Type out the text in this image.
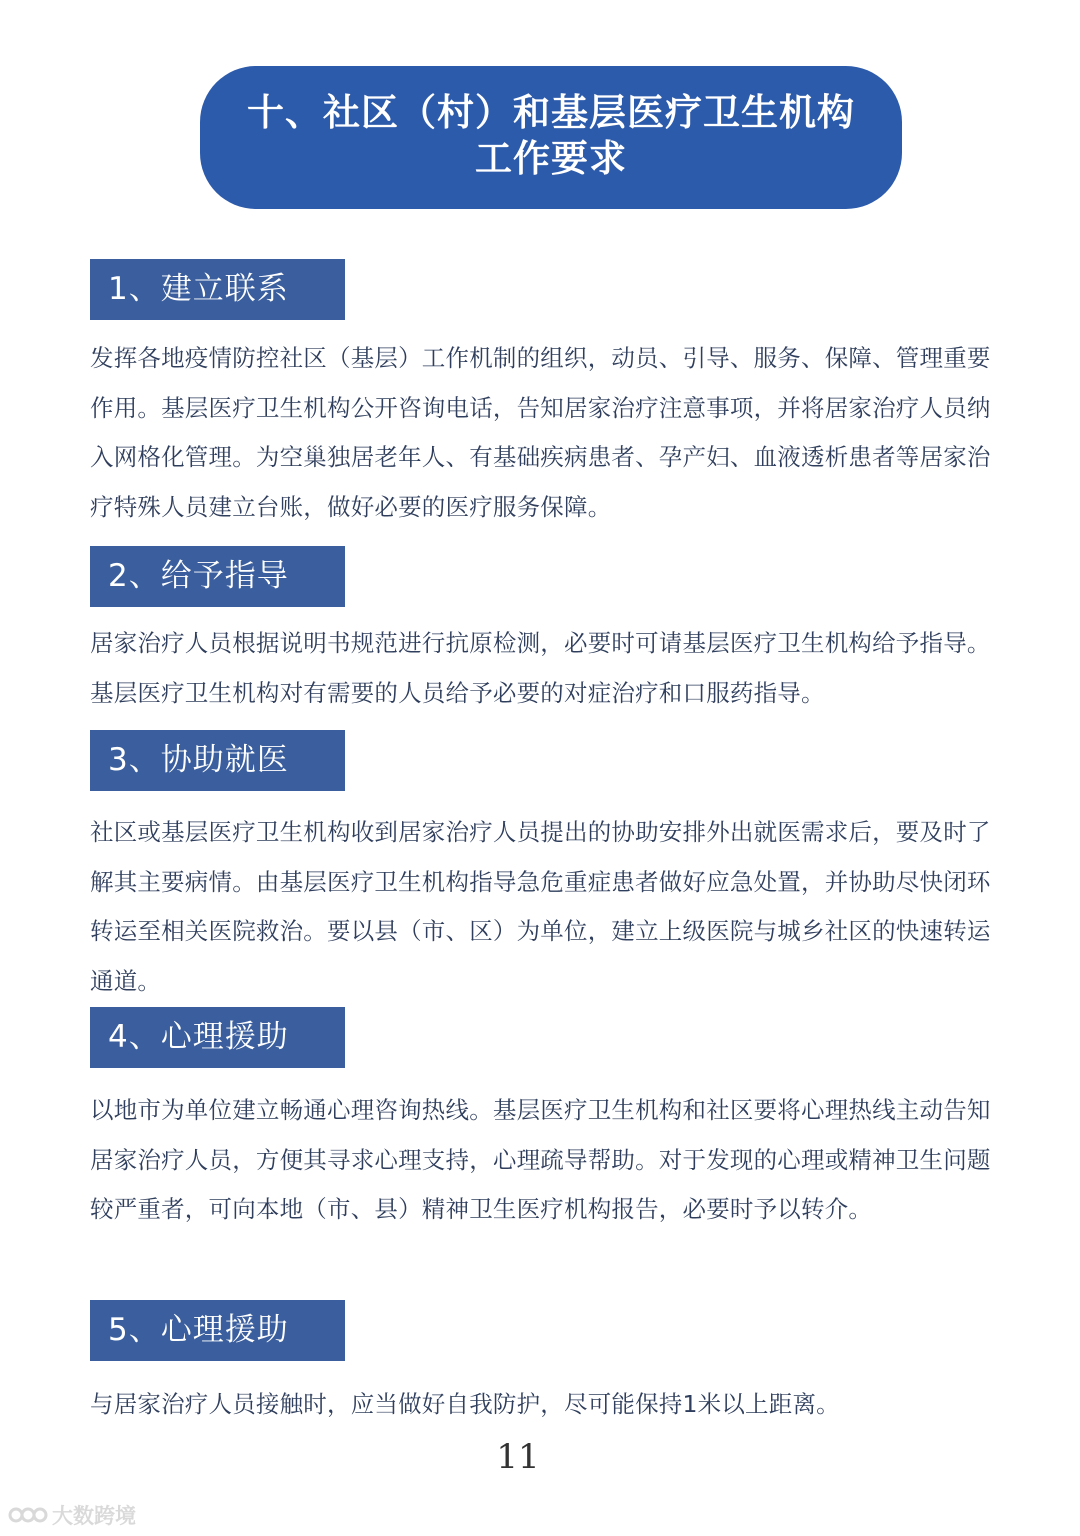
十、社区（村）和基层医疗卫生机构
工作要求
1、建立联系

发挥各地疫情防控社区（基层）工作机制的组织，动员、引导、服务、保障、管理重要作用。基层医疗卫生机构公开咨询电话，告知居家治疗注意事项，并将居家治疗人员纳入网格化管理。为空巢独居老年人、有基础疾病患者、孕产妇、血液透析患者等居家治疗特殊人员建立台账，做好必要的医疗服务保障。

2、给予指导

居家治疗人员根据说明书规范进行抗原检测，必要时可请基层医疗卫生机构给予指导。基层医疗卫生机构对有需要的人员给予必要的对症治疗和口服药指导。

3、协助就医

社区或基层医疗卫生机构收到居家治疗人员提出的协助安排外出就医需求后，要及时了解其主要病情。由基层医疗卫生机构指导急危重症患者做好应急处置，并协助尽快闭环转运至相关医院救治。要以县（市、区）为单位，建立上级医院与城乡社区的快速转运通道。

4、心理援助

以地市为单位建立畅通心理咨询热线。基层医疗卫生机构和社区要将心理热线主动告知居家治疗人员，方便其寻求心理支持，心理疏导帮助。对于发现的心理或精神卫生问题较严重者，可向本地（市、县）精神卫生医疗机构报告，必要时予以转介。

5、心理援助

与居家治疗人员接触时，应当做好自我防护，尽可能保持1米以上距离。

11
大数跨境
